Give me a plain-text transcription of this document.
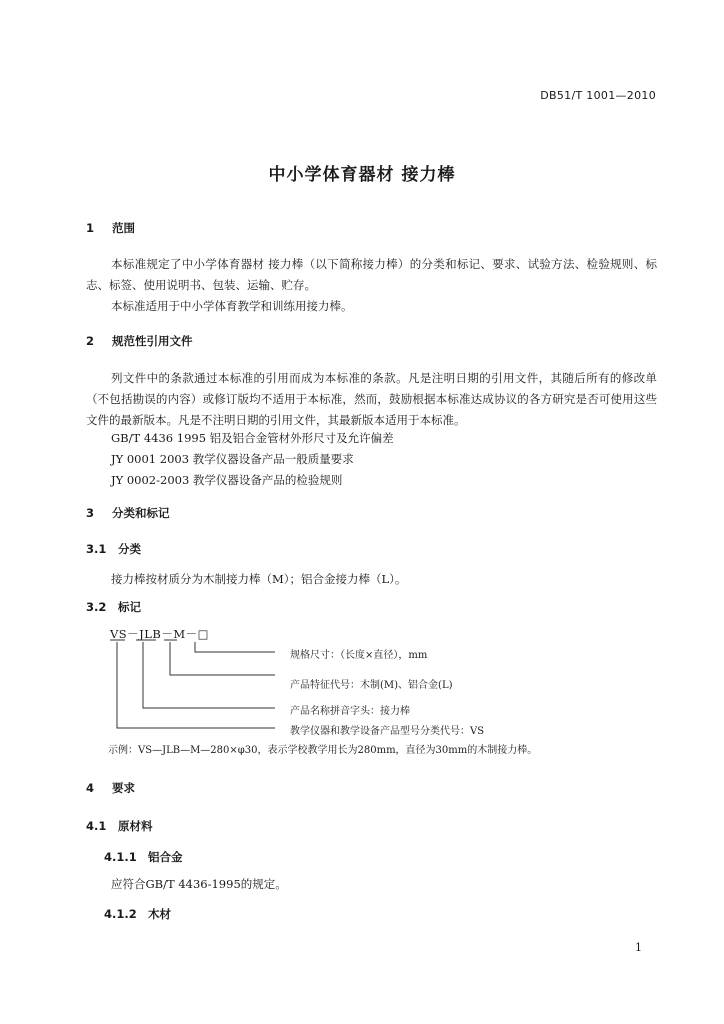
DB51/T 1001—2010
中小学体育器材 接力棒
1 范围
本标准规定了中小学体育器材 接力棒（以下简称接力棒）的分类和标记、要求、试验方法、检验规则、标志、标签、使用说明书、包装、运输、贮存。
本标准适用于中小学体育教学和训练用接力棒。
2 规范性引用文件
列文件中的条款通过本标准的引用而成为本标准的条款。凡是注明日期的引用文件，其随后所有的修改单（不包括勘误的内容）或修订版均不适用于本标准，然而，鼓励根据本标准达成协议的各方研究是否可使用这些文件的最新版本。凡是不注明日期的引用文件，其最新版本适用于本标准。
GB/T 4436 1995 铝及铝合金管材外形尺寸及允许偏差
JY 0001 2003 教学仪器设备产品一般质量要求
JY 0002-2003 教学仪器设备产品的检验规则
3 分类和标记
3.1 分类
接力棒按材质分为木制接力棒（M）；铝合金接力棒（L）。
3.2 标记
VS－JLB－M－□
规格尺寸：（长度×直径），mm
产品特征代号：木制(M)、铝合金(L)
产品名称拼音字头：接力棒
教学仪器和教学设备产品型号分类代号：VS
示例：VS—JLB—M—280×φ30，表示学校教学用长为280mm，直径为30mm的木制接力棒。
4 要求
4.1 原材料
4.1.1 铝合金
应符合GB/T 4436-1995的规定。
4.1.2 木材
1
